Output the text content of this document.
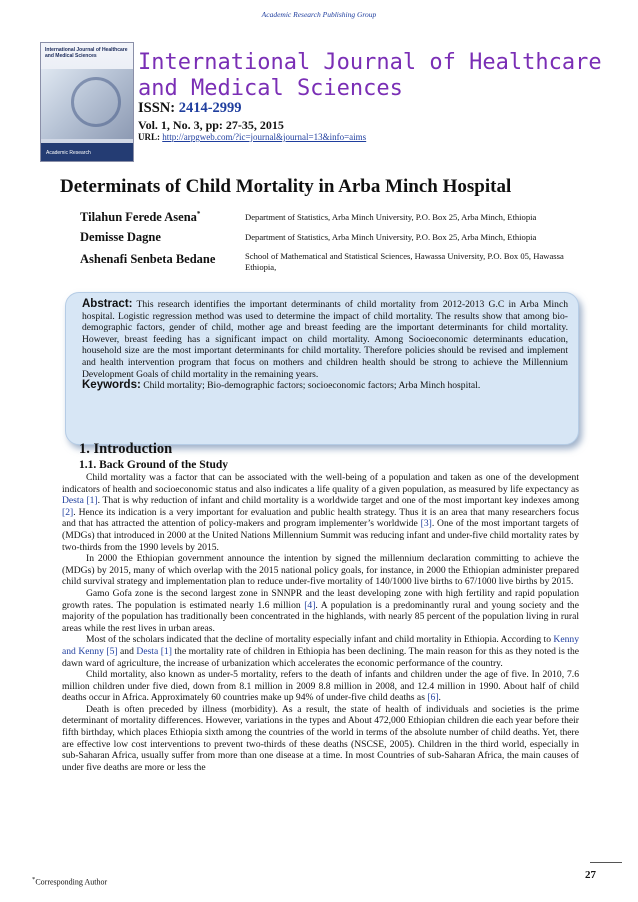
Academic Research Publishing Group
International Journal of Healthcare and Medical Sciences
Academic Research
International Journal of Healthcare and Medical Sciences
ISSN: 2414-2999
Vol. 1, No. 3, pp: 27-35, 2015
URL: http://arpgweb.com/?ic=journal&journal=13&info=aims
Determinats of Child Mortality in Arba Minch Hospital
Tilahun Ferede Asena*	Department of Statistics, Arba Minch University, P.O. Box 25, Arba Minch, Ethiopia
Demisse Dagne	Department of Statistics, Arba Minch University, P.O. Box 25, Arba Minch, Ethiopia
Ashenafi Senbeta Bedane	School of Mathematical and Statistical Sciences, Hawassa University, P.O. Box 05, Hawassa Ethiopia,
Abstract: This research identifies the important determinants of child mortality from 2012-2013 G.C in Arba Minch hospital. Logistic regression method was used to determine the impact of child mortality. The results show that among bio-demographic factors, gender of child, mother age and breast feeding are the important determinants for child mortality. However, breast feeding has a significant impact on child mortality. Among Socioeconomic determinants education, household size are the most important determinants for child mortality. Therefore policies should be revised and implement and health intervention program that focus on mothers and children health should be strong to achieve the Millennium Development Goals of child mortality in the remaining years.
Keywords: Child mortality; Bio-demographic factors; socioeconomic factors; Arba Minch hospital.
1. Introduction
1.1. Back Ground of the Study

Child mortality was a factor that can be associated with the well-being of a population and taken as one of the development indicators of health and socioeconomic status and also indicates a life quality of a given population, as measured by life expectancy as Desta [1]. That is why reduction of infant and child mortality is a worldwide target and one of the most important key indexes among [2]. Hence its indication is a very important for evaluation and public health strategy. Thus it is an area that many researchers focus and that has attracted the attention of policy-makers and program implementer’s worldwide [3]. One of the most important targets of (MDGs) that introduced in 2000 at the United Nations Millennium Summit was reducing infant and under-five child mortality rates by two-thirds from the 1990 levels by 2015.

In 2000 the Ethiopian government announce the intention by signed the millennium declaration committing to achieve the (MDGs) by 2015, many of which overlap with the 2015 national policy goals, for instance, in 2000 the Ethiopian administer prepared child survival strategy and implementation plan to reduce under-five mortality of 140/1000 live births to 67/1000 live births by 2015.

Gamo Gofa zone is the second largest zone in SNNPR and the least developing zone with high fertility and rapid population growth rates. The population is estimated nearly 1.6 million [4]. A population is a predominantly rural and young society and the majority of the population has traditionally been concentrated in the highlands, with nearly 85 percent of the population living in rural areas while the rest lives in urban areas.

Most of the scholars indicated that the decline of mortality especially infant and child mortality in Ethiopia. According to Kenny and Kenny [5] and Desta [1] the mortality rate of children in Ethiopia has been declining. The main reason for this as they noted is the dawn ward of agriculture, the increase of urbanization which accelerates the economic performance of the country.

Child mortality, also known as under-5 mortality, refers to the death of infants and children under the age of five. In 2010, 7.6 million children under five died, down from 8.1 million in 2009 8.8 million in 2008, and 12.4 million in 1990. About half of child deaths occur in Africa. Approximately 60 countries make up 94% of under-five child deaths as [6].

Death is often preceded by illness (morbidity). As a result, the state of health of individuals and societies is the prime determinant of mortality differences. However, variations in the types and About 472,000 Ethiopian children die each year before their fifth birthday, which places Ethiopia sixth among the countries of the world in terms of the absolute number of child deaths. Yet, there are effective low cost interventions to prevent two-thirds of these deaths (NSCSE, 2005). Children in the third world, especially in sub-Saharan Africa, usually suffer from more than one disease at a time. In most Countries of sub-Saharan Africa, the main causes of under five deaths are more or less the

*Corresponding Author
27
